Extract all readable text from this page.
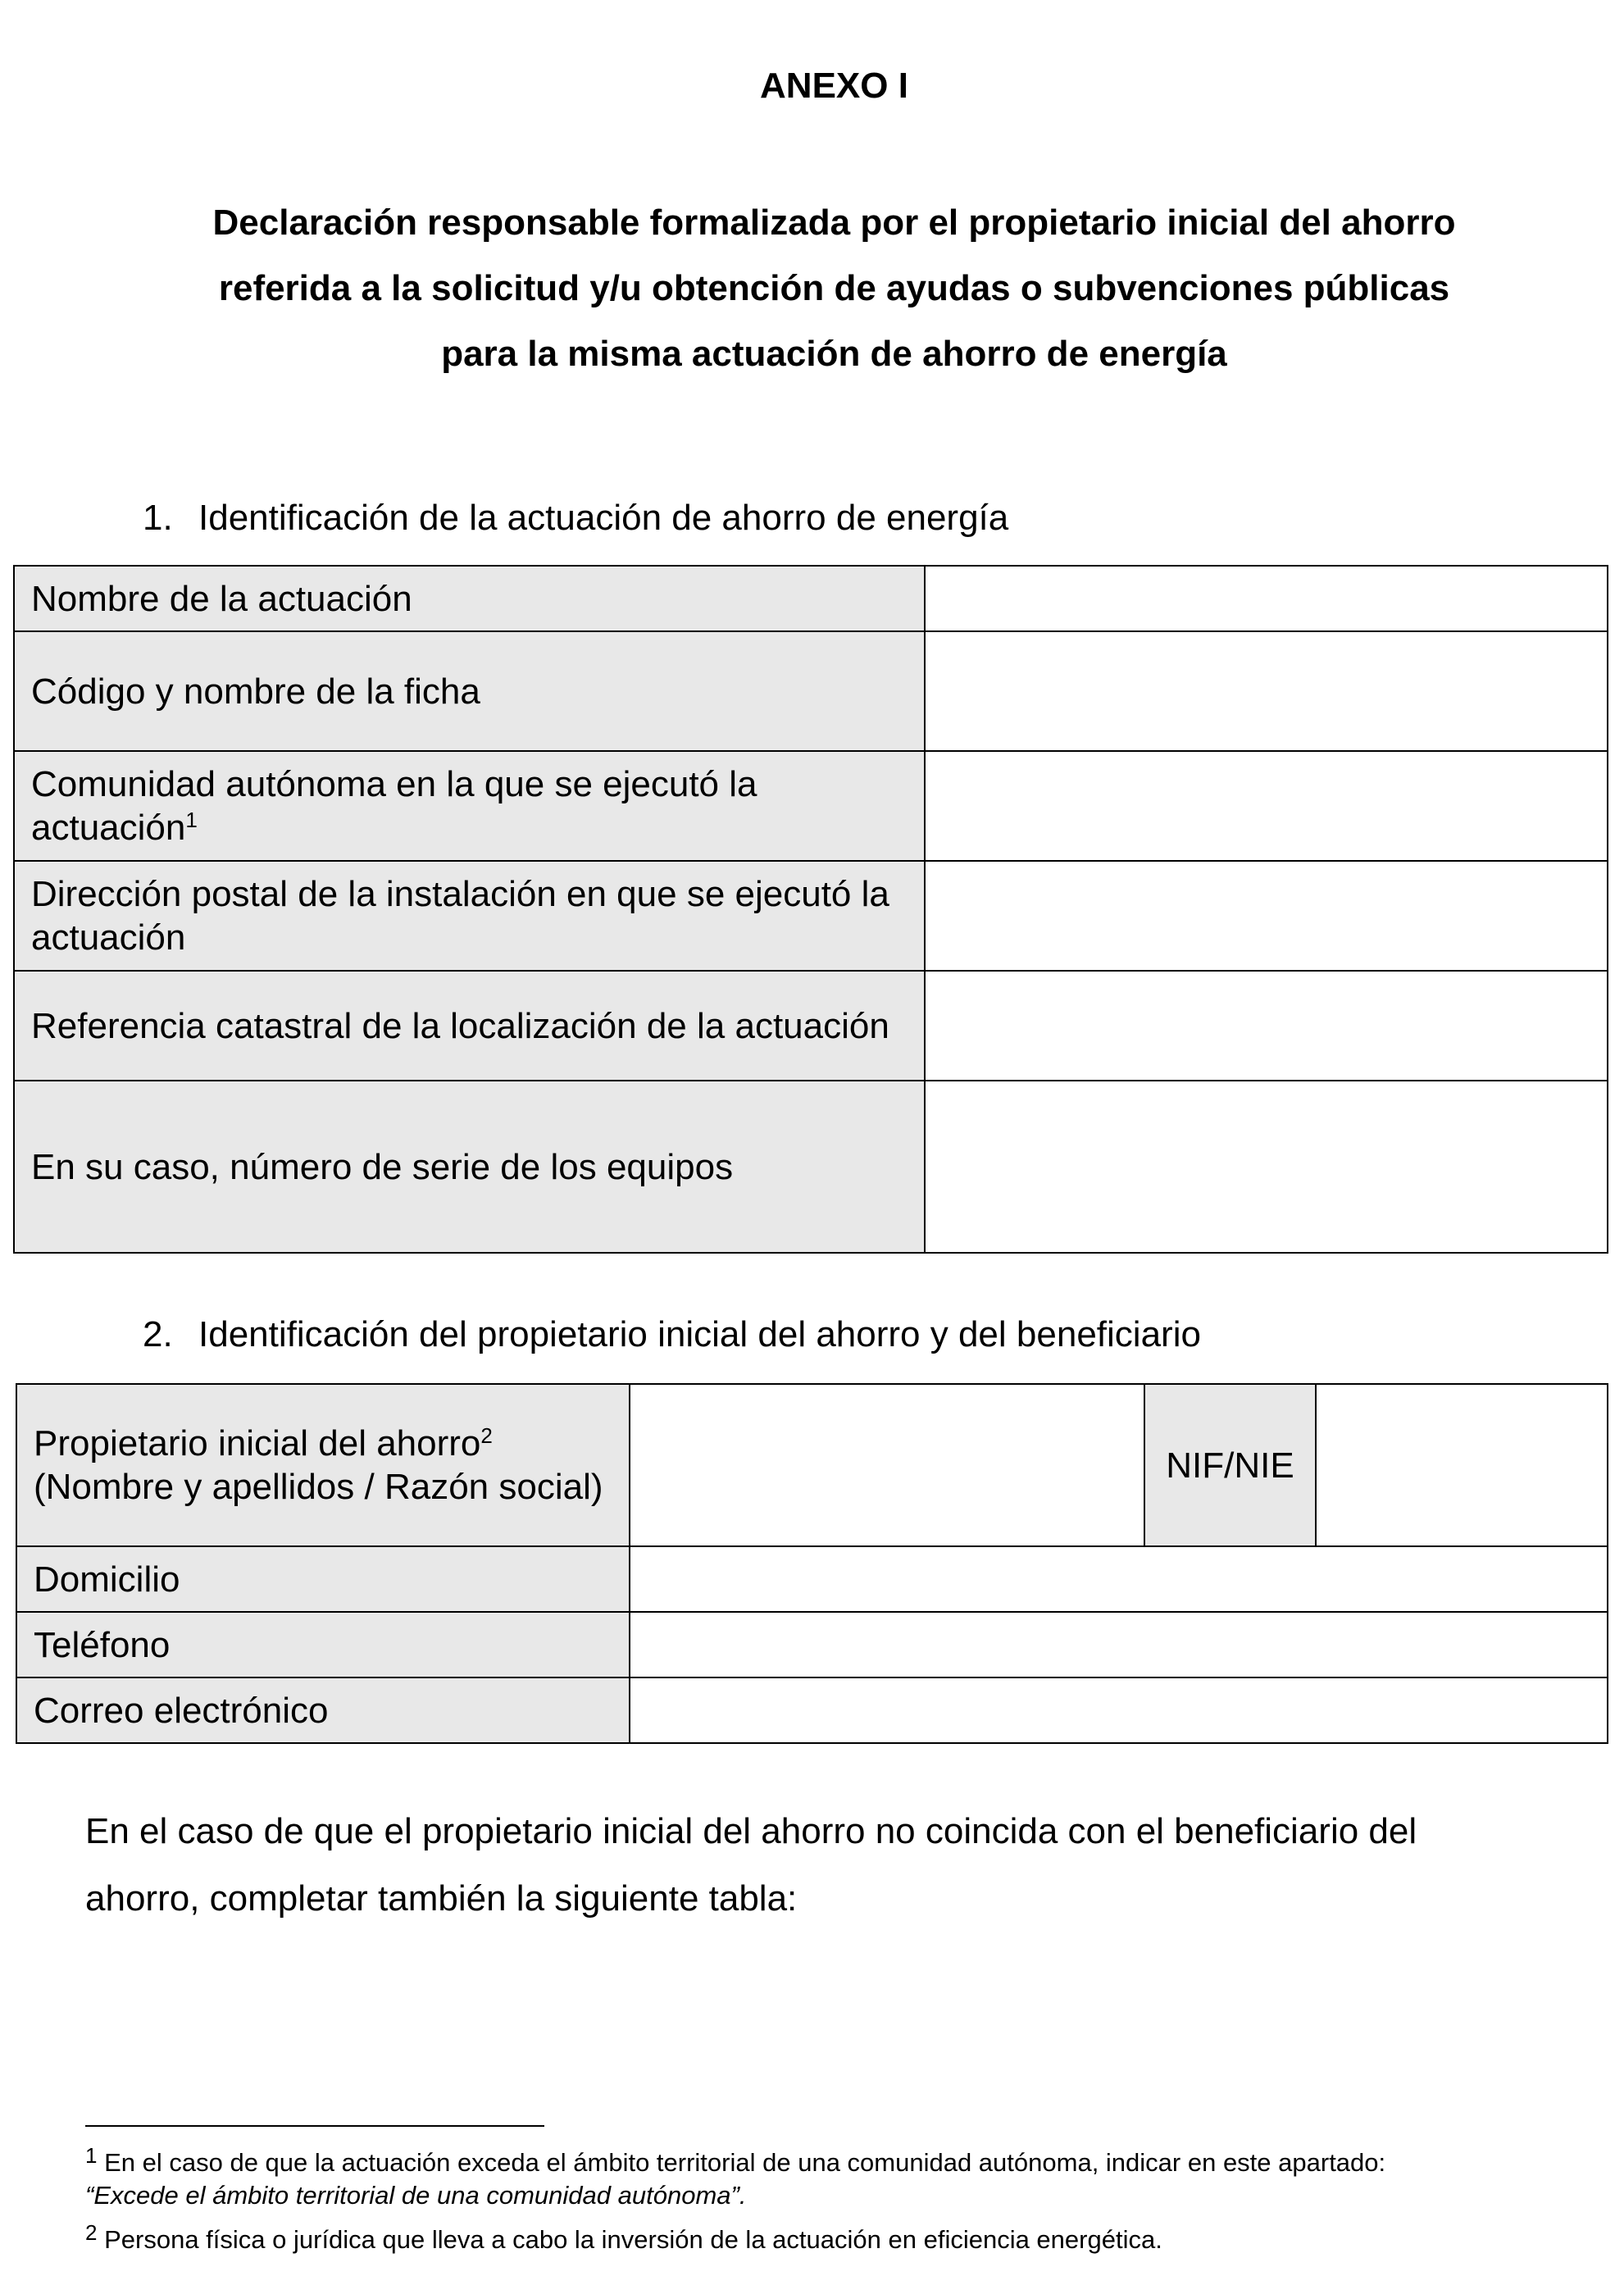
ANEXO I
Declaración responsable formalizada por el propietario inicial del ahorro referida a la solicitud y/u obtención de ayudas o subvenciones públicas para la misma actuación de ahorro de energía
1. Identificación de la actuación de ahorro de energía
Nombre de la actuación	
Código y nombre de la ficha	
Comunidad autónoma en la que se ejecutó la actuación$^1$	
Dirección postal de la instalación en que se ejecutó la actuación	
Referencia catastral de la localización de la actuación	
En su caso, número de serie de los equipos	
2. Identificación del propietario inicial del ahorro y del beneficiario
Propietario inicial del ahorro$^2$
(Nombre y apellidos / Razón social)		NIF/NIE	
Domicilio			
Teléfono			
Correo electrónico			
En el caso de que el propietario inicial del ahorro no coincida con el beneficiario del ahorro, completar también la siguiente tabla:
$^1$ En el caso de que la actuación exceda el ámbito territorial de una comunidad autónoma, indicar en este apartado: “Excede el ámbito territorial de una comunidad autónoma”.
$^2$ Persona física o jurídica que lleva a cabo la inversión de la actuación en eficiencia energética.
